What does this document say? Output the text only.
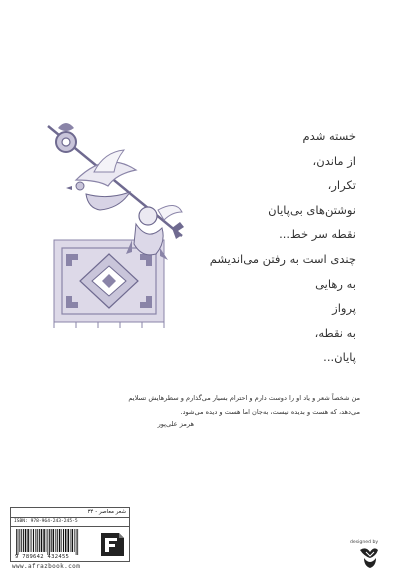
خسته شدم
از ماندن،
تکرار،
نوشتن‌های بی‌پایان
نقطه سر خط...
چندی است به رفتن می‌اندیشم
به رهایی
پرواز
به نقطه،
پایان...

من شخصاً شعر و یاد او را دوست دارم و احترام بسیار می‌گذارم و سطرهایش تسلایم

می‌دهد، که هست و بدیده نیست، به‌جان اما هست و دیده می‌شود.

هرمز علی‌پور
شعر معاصر - ۳۴
ISBN: 978-964-243-245-5
9 789642 432455
www.afrazbook.com
designed by
